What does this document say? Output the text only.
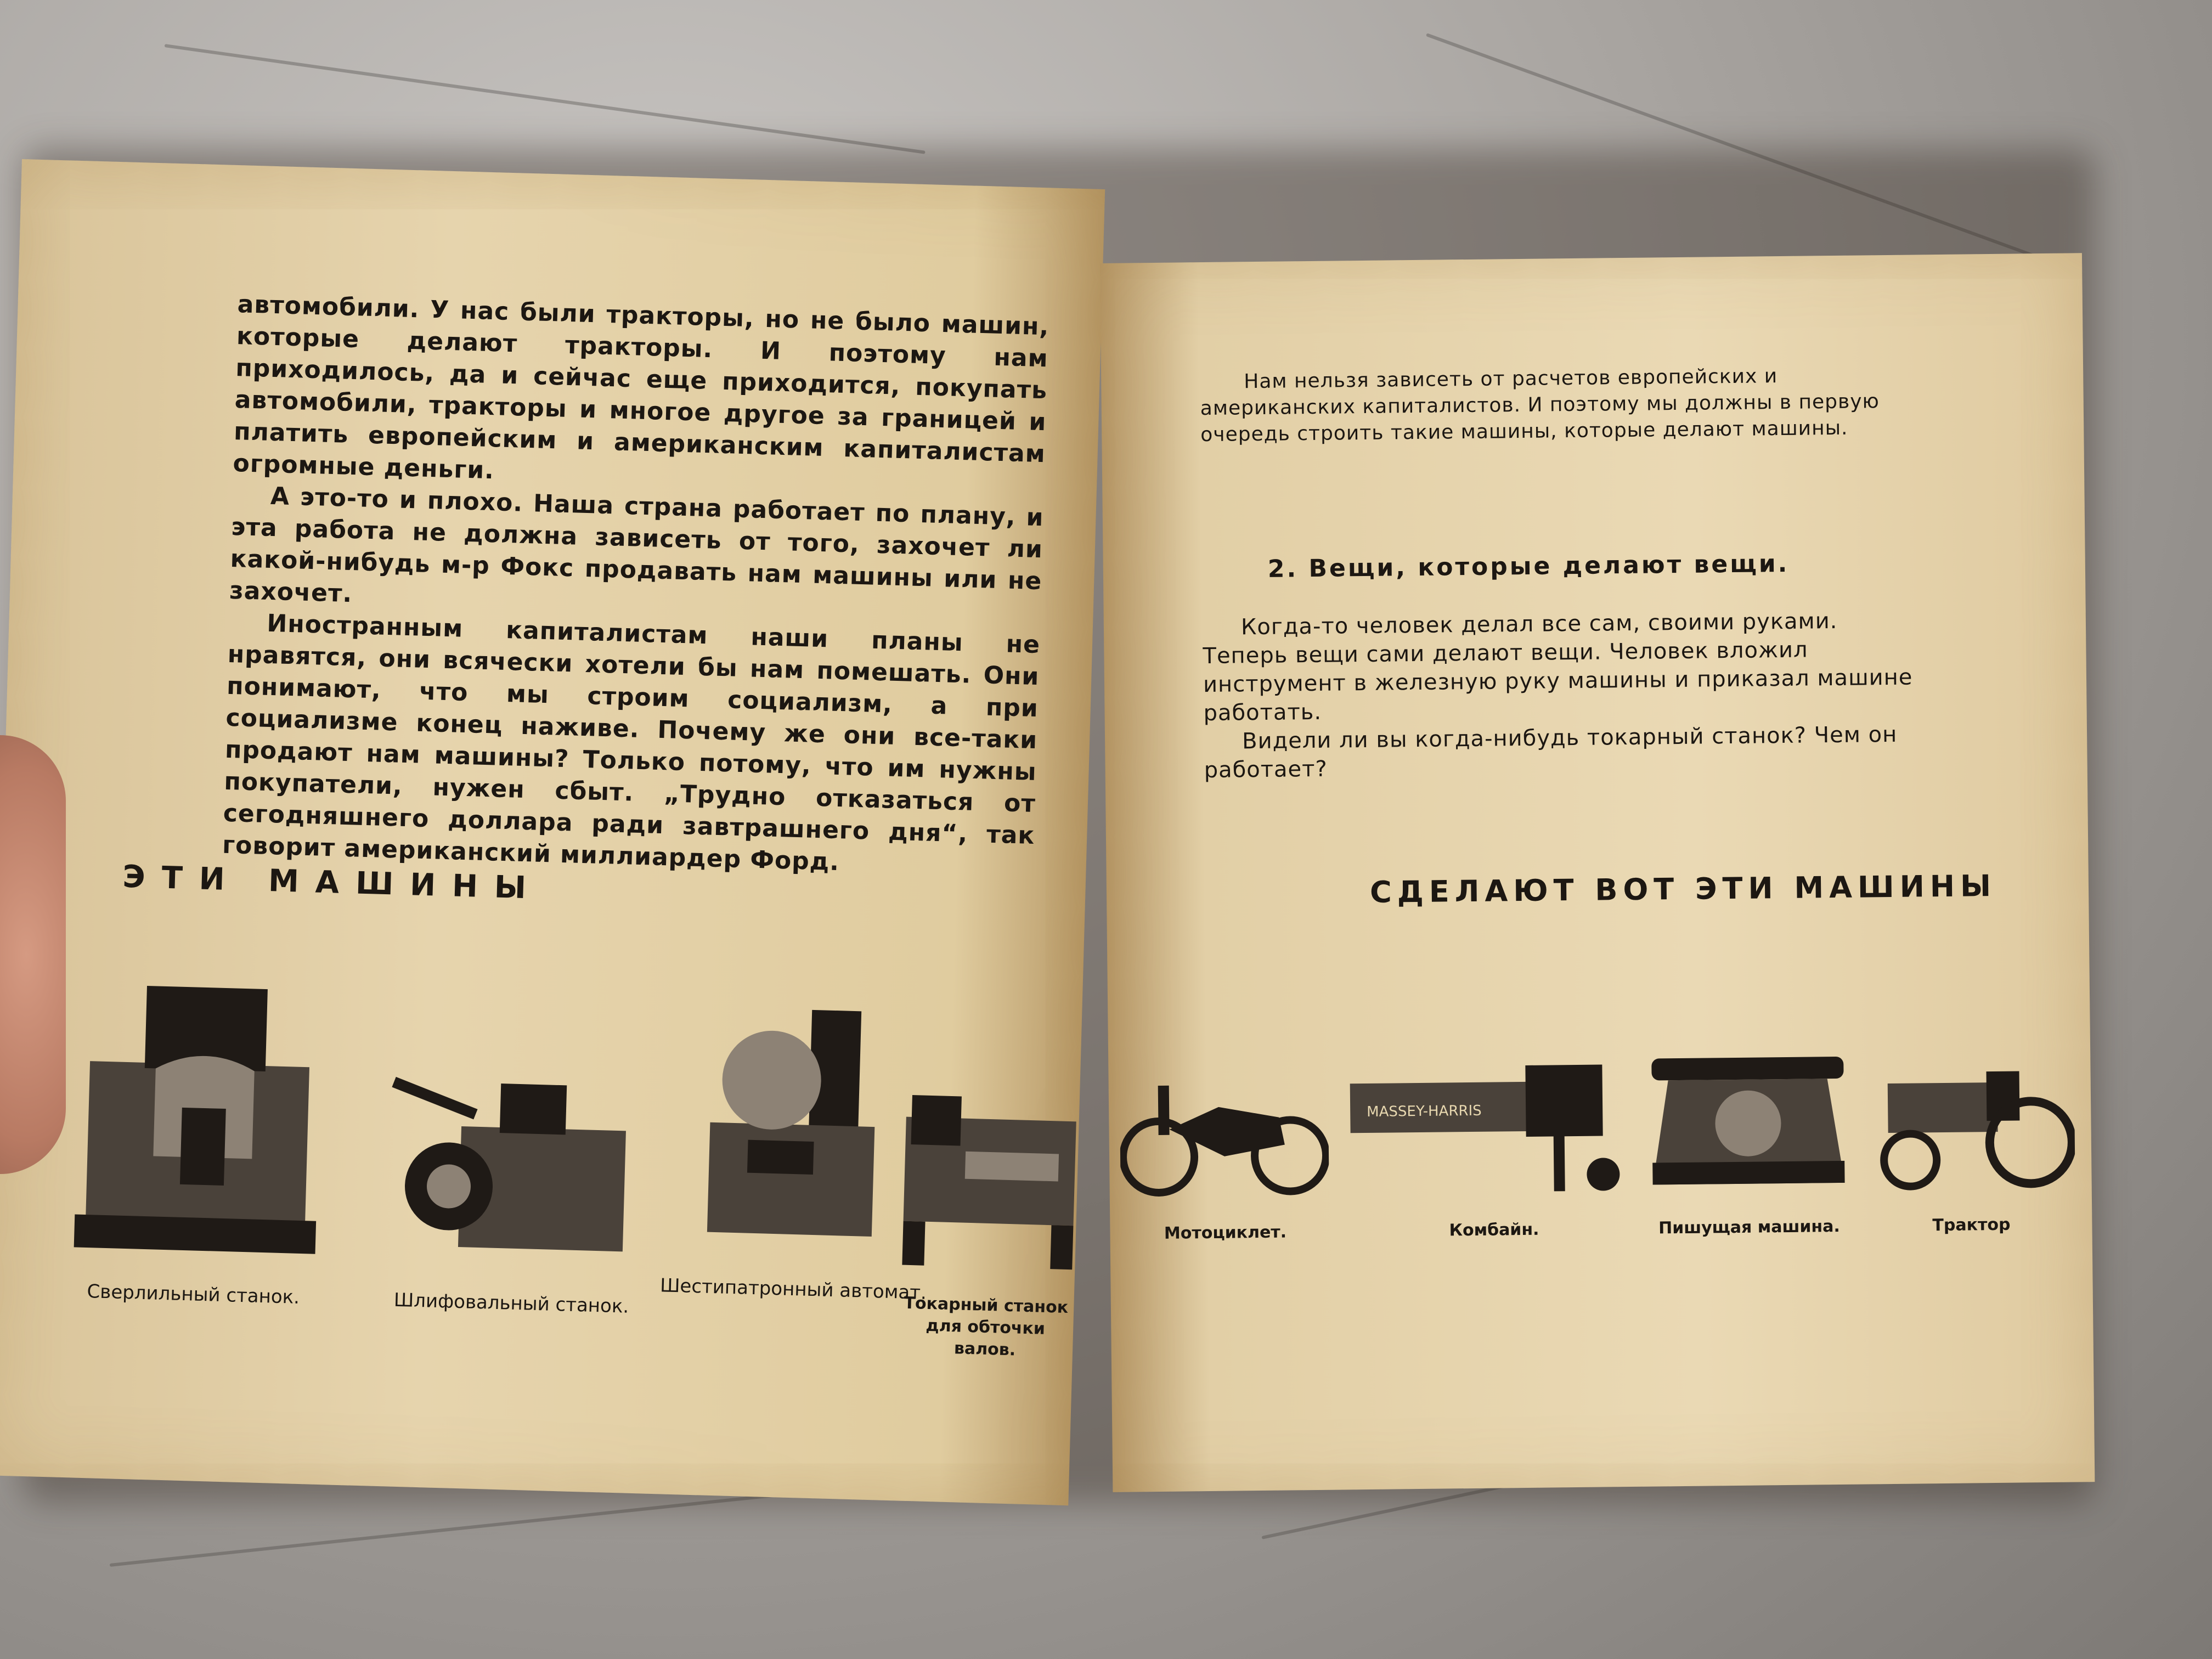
автомобили. У нас были тракторы, но не было машин, которые делают тракторы. И поэтому нам приходилось, да и сейчас еще приходится, покупать автомобили, тракторы и многое другое за границей и платить европейским и американским капиталистам огромные деньги.

А это-то и плохо. Наша страна работает по плану, и эта работа не должна зависеть от того, захочет ли какой-нибудь м-р Фокс продавать нам машины или не захочет.

Иностранным капиталистам наши планы не нравятся, они всячески хотели бы нам помешать. Они понимают, что мы строим социализм, а при социализме конец наживе. Почему же они все-таки продают нам машины? Только потому, что им нужны покупатели, нужен сбыт. „Трудно отказаться от сегодняшнего доллара ради завтрашнего дня“, так говорит американский миллиардер Форд.

ЭТИ МАШИНЫ
Сверлильный станок.	Шлифовальный станок. Шестипатронный автомат.
Токарный станок для обточки валов.

Нам нельзя зависеть от расчетов европейских и американских капиталистов. И поэтому мы должны в первую очередь строить такие машины, которые делают машины.

2. Вещи, которые делают вещи.

Когда-то человек делал все сам, своими руками. Теперь вещи сами делают вещи. Человек вложил инструмент в железную руку машины и приказал машине работать.

Видели ли вы когда-нибудь токарный станок? Чем он работает?

СДЕЛАЮТ ВОТ ЭТИ МАШИНЫ
Мотоциклет.
MASSEY-HARRIS
Комбайн.	Пишущая машина.	Трактор
